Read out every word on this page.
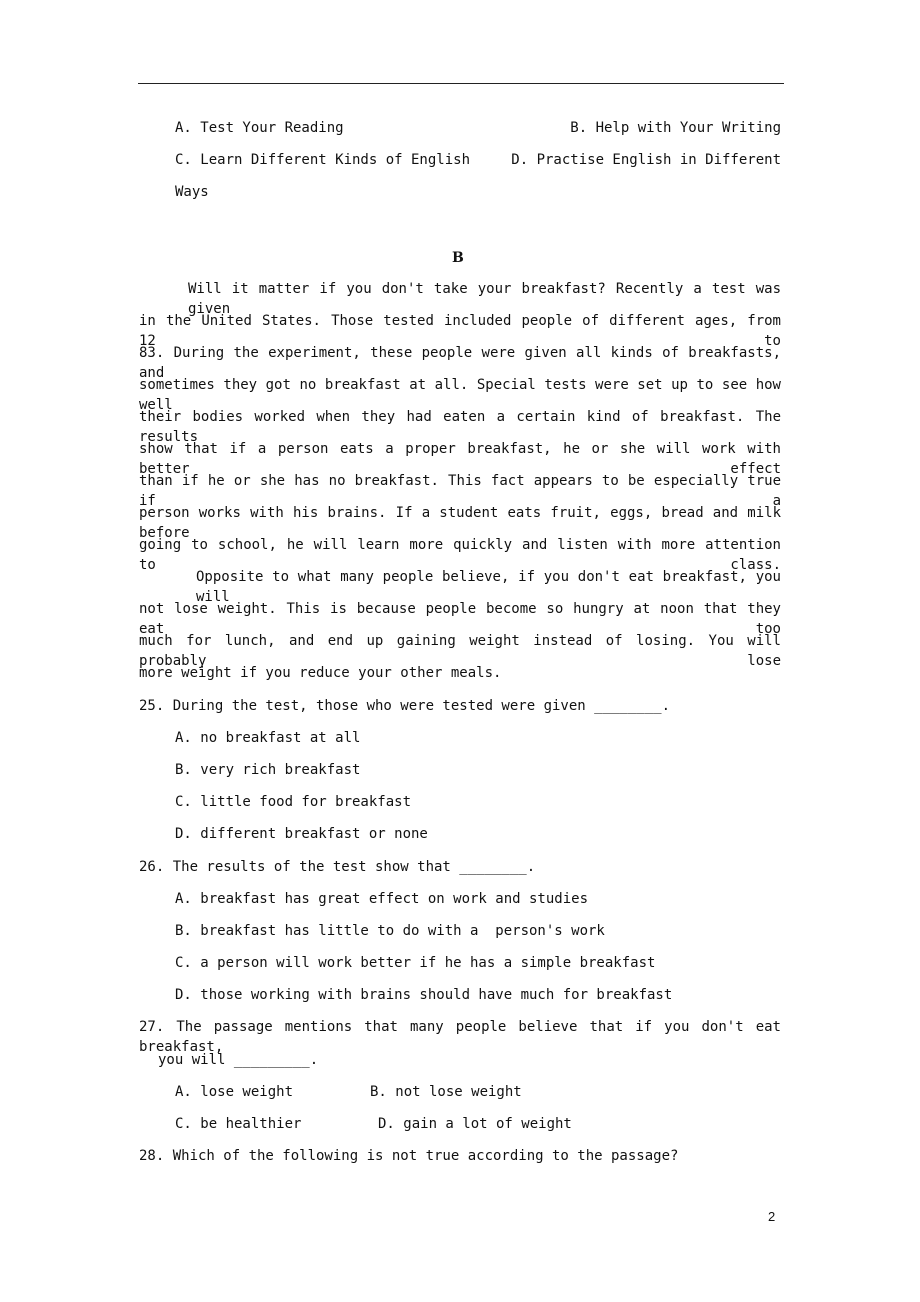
A. Test Your Reading	B. Help with Your Writing
C. Learn Different Kinds of English	D. Practise English in Different
Ways
B
Will it matter if you don't take your breakfast? Recently a test was given
in the United States. Those tested included people of different ages, from 12 to
83. During the experiment, these people were given all kinds of breakfasts, and
sometimes they got no breakfast at all. Special tests were set up to see how well
their bodies worked when they had eaten a certain kind of breakfast. The results
show that if a person eats a proper breakfast, he or she will work with better effect
than if he or she has no breakfast. This fact appears to be especially true if a
person works with his brains. If a student eats fruit, eggs, bread and milk before
going to school, he will learn more quickly and listen with more attention to class.
Opposite to what many people believe, if you don't eat breakfast, you will
not lose weight. This is because people become so hungry at noon that they eat too
much for lunch, and end up gaining weight instead of losing. You will probably lose
more weight if you reduce your other meals.
25. During the test, those who were tested were given ________.
A. no breakfast at all
B. very rich breakfast
C. little food for breakfast
D. different breakfast or none
26. The results of the test show that ________.
A. breakfast has great effect on work and studies
B. breakfast has little to do with a  person's work
C. a person will work better if he has a simple breakfast
D. those working with brains should have much for breakfast
27. The passage mentions that many people believe that if you don't eat breakfast,
you will _________.
A. lose weight	B. not lose weight
C. be healthier	D. gain a lot of weight
28. Which of the following is not true according to the passage?
2
